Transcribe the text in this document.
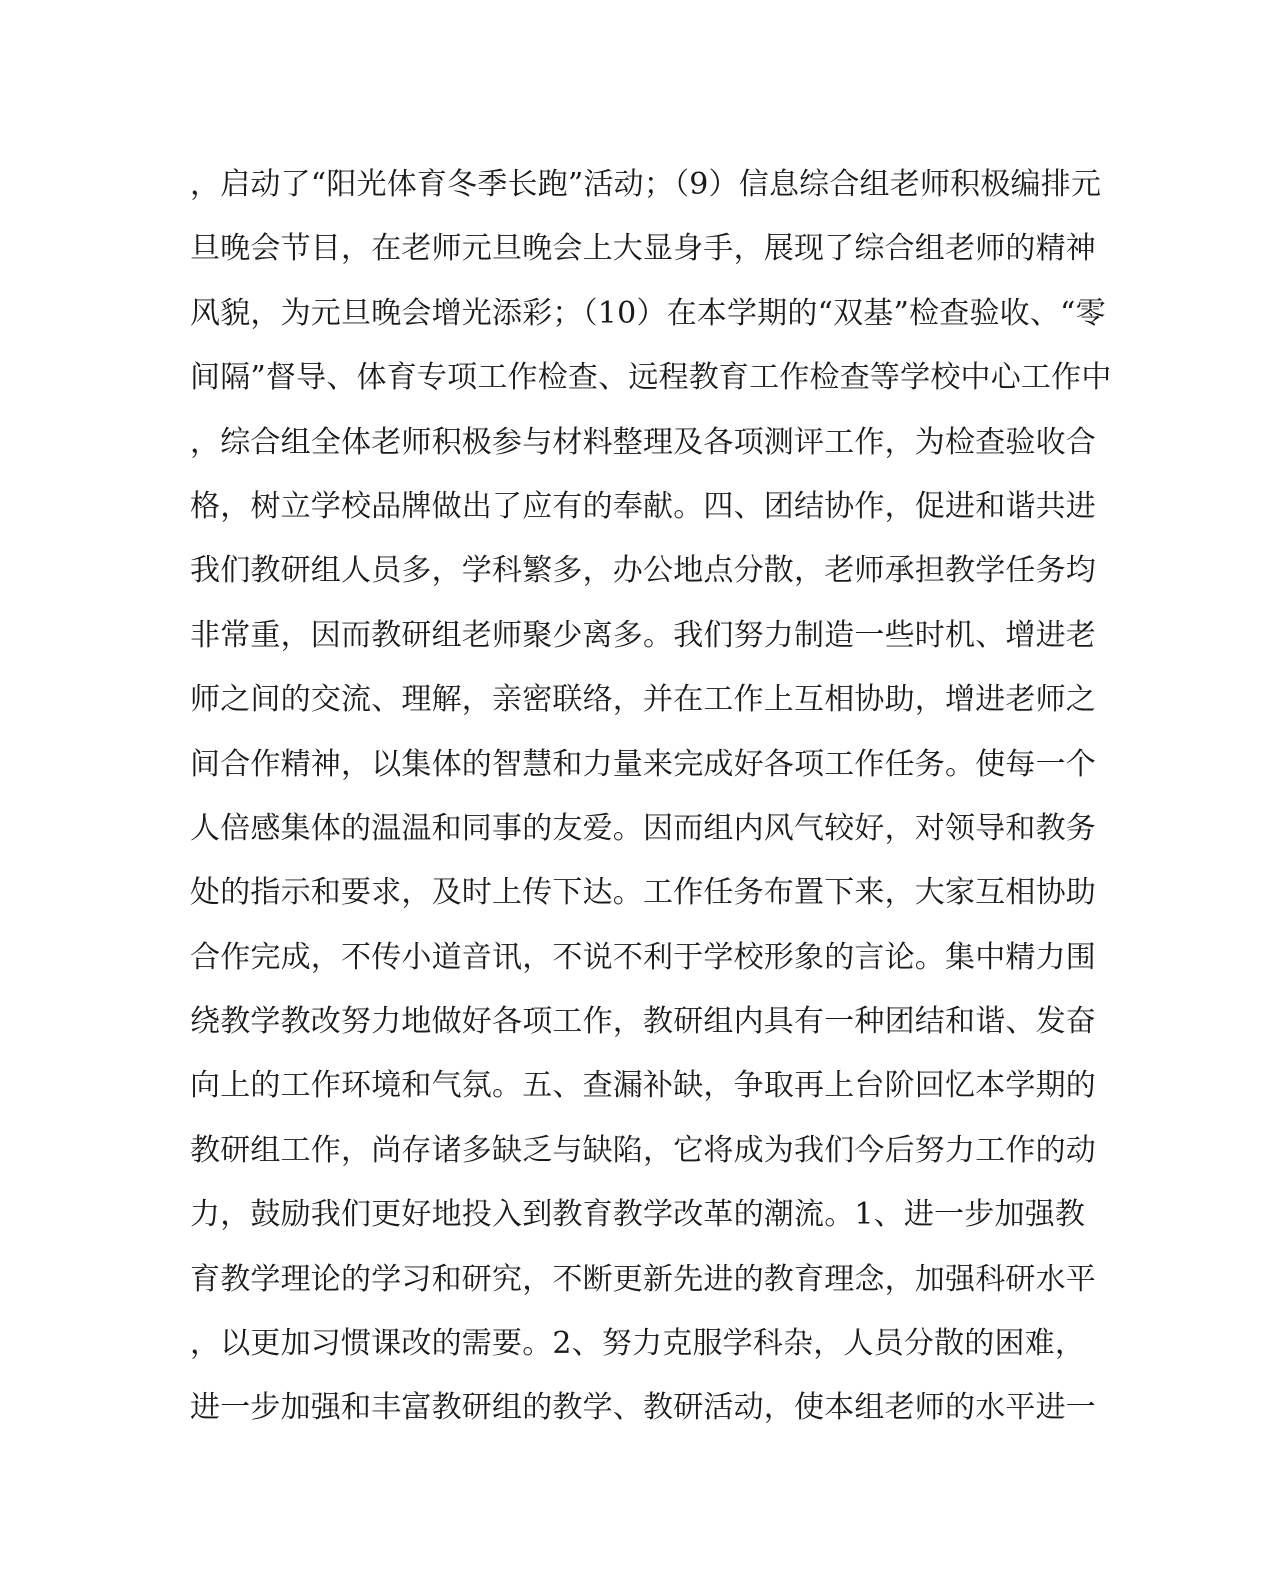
，启动了“阳光体育冬季长跑”活动；（9）信息综合组老师积极编排元
旦晚会节目，在老师元旦晚会上大显身手，展现了综合组老师的精神
风貌，为元旦晚会增光添彩；（10）在本学期的“双基”检查验收、“零
间隔”督导、体育专项工作检查、远程教育工作检查等学校中心工作中
，综合组全体老师积极参与材料整理及各项测评工作，为检查验收合
格，树立学校品牌做出了应有的奉献。四、团结协作，促进和谐共进
我们教研组人员多，学科繁多，办公地点分散，老师承担教学任务均
非常重，因而教研组老师聚少离多。我们努力制造一些时机、增进老
师之间的交流、理解，亲密联络，并在工作上互相协助，增进老师之
间合作精神，以集体的智慧和力量来完成好各项工作任务。使每一个
人倍感集体的温温和同事的友爱。因而组内风气较好，对领导和教务
处的指示和要求，及时上传下达。工作任务布置下来，大家互相协助
合作完成，不传小道音讯，不说不利于学校形象的言论。集中精力围
绕教学教改努力地做好各项工作，教研组内具有一种团结和谐、发奋
向上的工作环境和气氛。五、查漏补缺，争取再上台阶回忆本学期的
教研组工作，尚存诸多缺乏与缺陷，它将成为我们今后努力工作的动
力，鼓励我们更好地投入到教育教学改革的潮流。1、进一步加强教
育教学理论的学习和研究，不断更新先进的教育理念，加强科研水平
，以更加习惯课改的需要。2、努力克服学科杂，人员分散的困难，
进一步加强和丰富教研组的教学、教研活动，使本组老师的水平进一
